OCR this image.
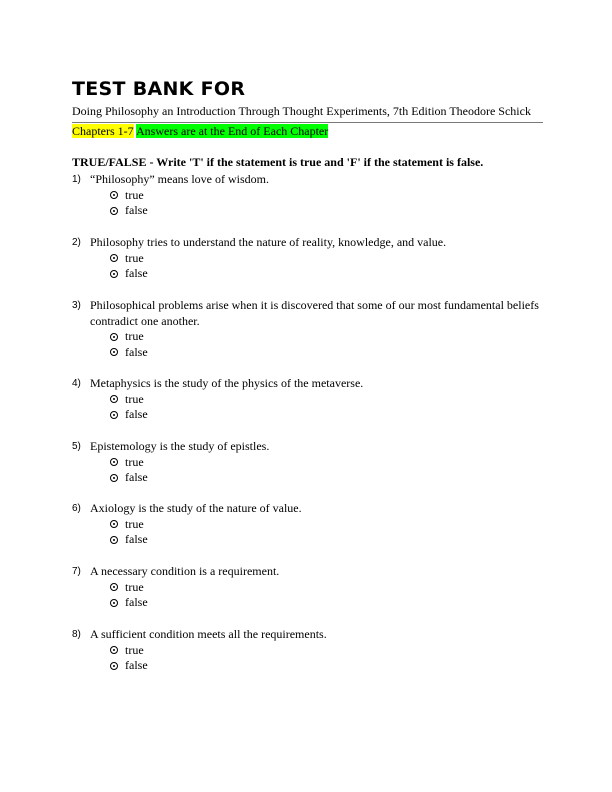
TEST BANK FOR
Doing Philosophy an Introduction Through Thought Experiments, 7th Edition Theodore Schick
Chapters 1-7 Answers are at the End of Each Chapter
TRUE/FALSE - Write 'T' if the statement is true and 'F' if the statement is false.
1) “Philosophy” means love of wisdom.
true
false
2) Philosophy tries to understand the nature of reality, knowledge, and value.
true
false
3) Philosophical problems arise when it is discovered that some of our most fundamental beliefs contradict one another.
true
false
4) Metaphysics is the study of the physics of the metaverse.
true
false
5) Epistemology is the study of epistles.
true
false
6) Axiology is the study of the nature of value.
true
false
7) A necessary condition is a requirement.
true
false
8) A sufficient condition meets all the requirements.
true
false
